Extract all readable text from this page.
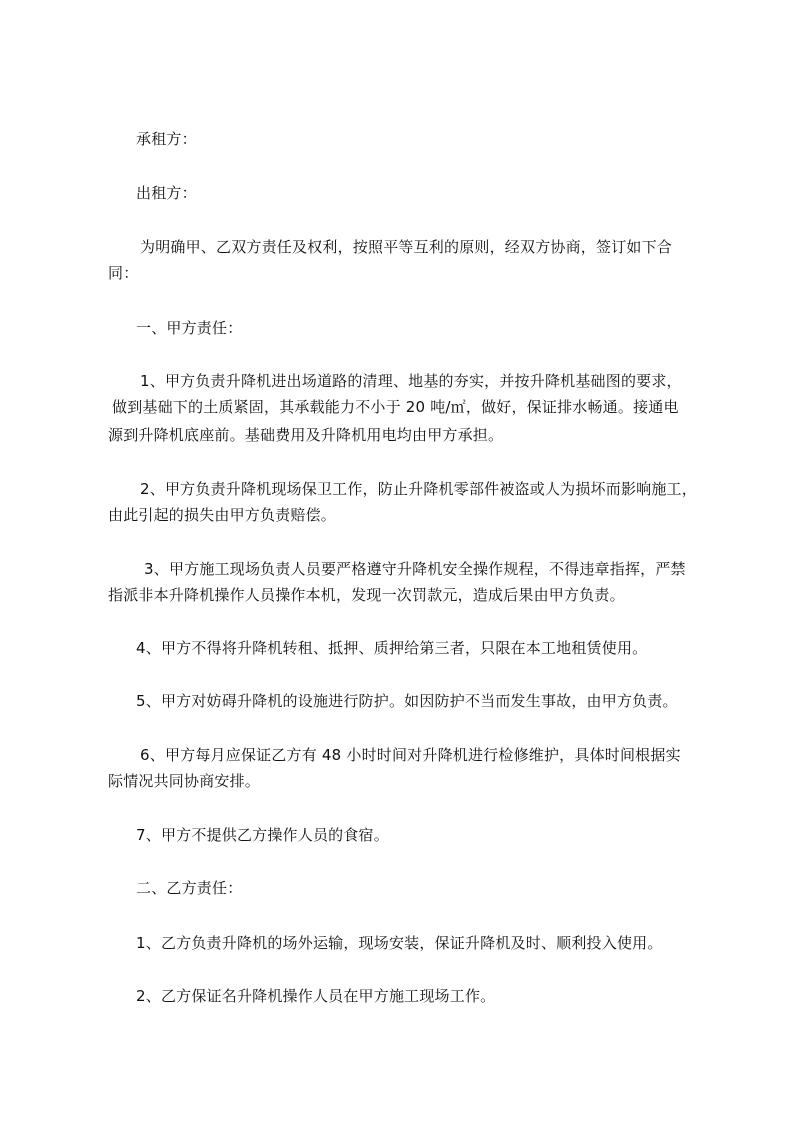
承租方：
出租方：
为明确甲、乙双方责任及权利，按照平等互利的原则，经双方协商，签订如下合
同：
一、甲方责任：
1、甲方负责升降机进出场道路的清理、地基的夯实，并按升降机基础图的要求，
做到基础下的土质紧固，其承载能力不小于 20 吨/㎡，做好，保证排水畅通。接通电
源到升降机底座前。基础费用及升降机用电均由甲方承担。
2、甲方负责升降机现场保卫工作，防止升降机零部件被盗或人为损坏而影响施工，
由此引起的损失由甲方负责赔偿。
3、甲方施工现场负责人员要严格遵守升降机安全操作规程，不得违章指挥，严禁
指派非本升降机操作人员操作本机，发现一次罚款元，造成后果由甲方负责。
4、甲方不得将升降机转租、抵押、质押给第三者，只限在本工地租赁使用。
5、甲方对妨碍升降机的设施进行防护。如因防护不当而发生事故，由甲方负责。
6、甲方每月应保证乙方有 48 小时时间对升降机进行检修维护，具体时间根据实
际情况共同协商安排。
7、甲方不提供乙方操作人员的食宿。
二、乙方责任：
1、乙方负责升降机的场外运输，现场安装，保证升降机及时、顺利投入使用。
2、乙方保证名升降机操作人员在甲方施工现场工作。
